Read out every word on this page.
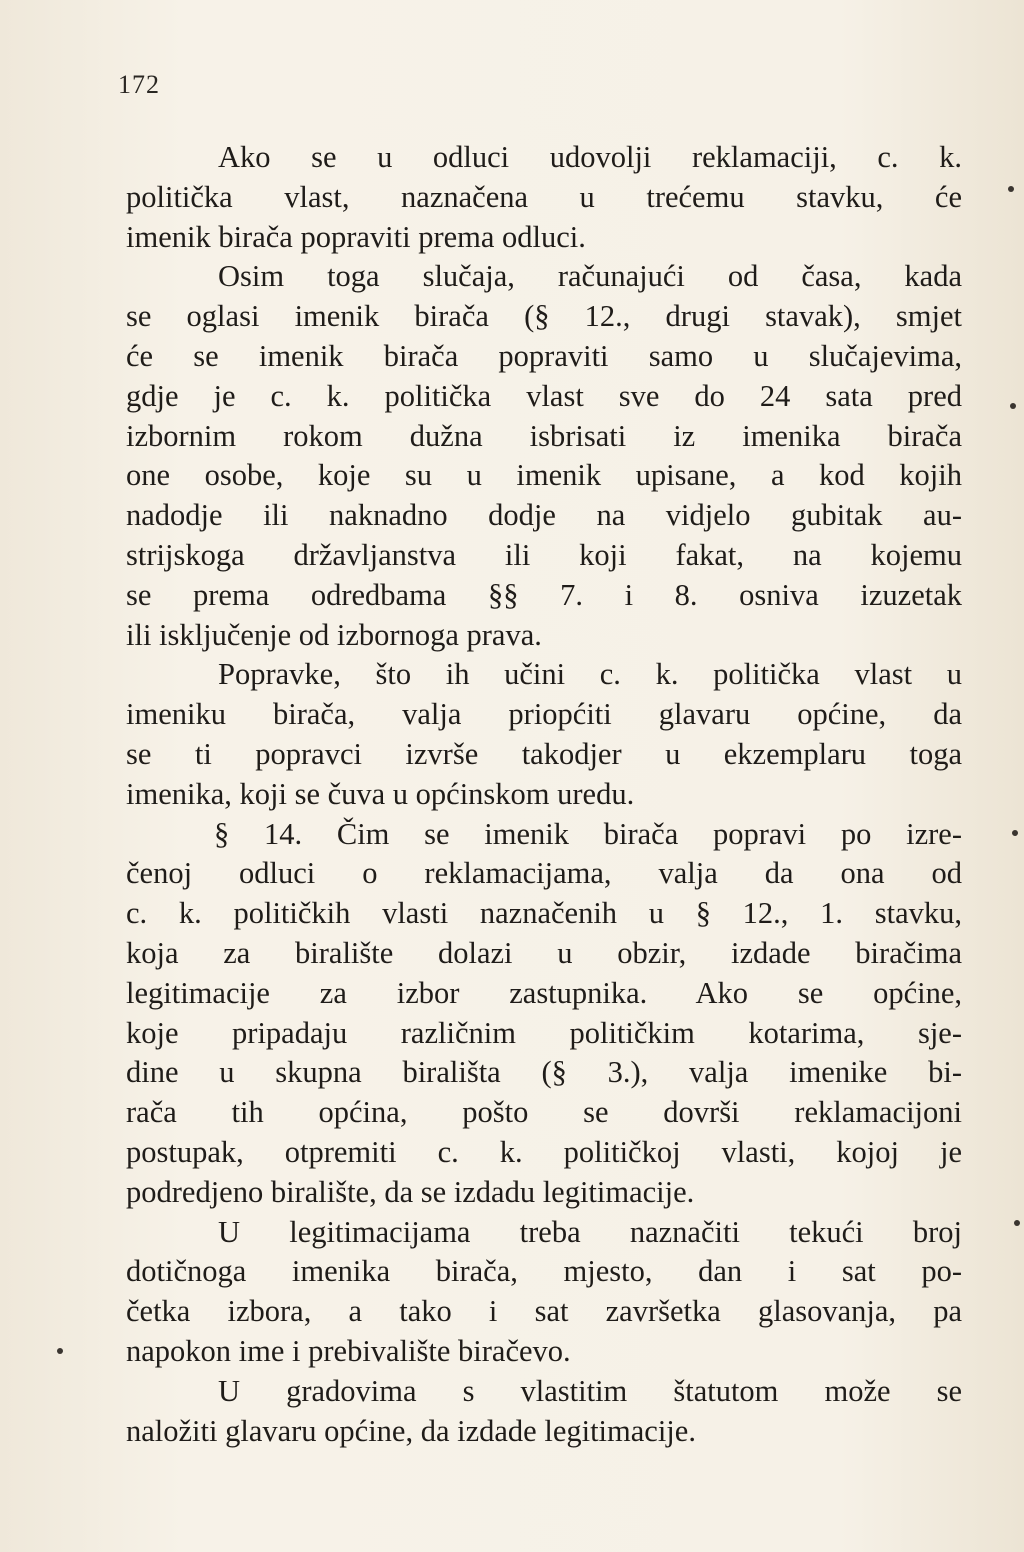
172
Ako se u odluci udovolji reklamaciji, c. k.
politička vlast, naznačena u trećemu stavku, će
imenik birača popraviti prema odluci.
Osim toga slučaja, računajući od časa, kada
se oglasi imenik birača (§ 12., drugi stavak), smjet
će se imenik birača popraviti samo u slučajevima,
gdje je c. k. politička vlast sve do 24 sata pred
izbornim rokom dužna isbrisati iz imenika birača
one osobe, koje su u imenik upisane, a kod kojih
nadodje ili naknadno dodje na vidjelo gubitak au-
strijskoga državljanstva ili koji fakat, na kojemu
se prema odredbama §§ 7. i 8. osniva izuzetak
ili isključenje od izbornoga prava.
Popravke, što ih učini c. k. politička vlast u
imeniku birača, valja priopćiti glavaru općine, da
se ti popravci izvrše takodjer u ekzemplaru toga
imenika, koji se čuva u općinskom uredu.
§ 14. Čim se imenik birača popravi po izre-
čenoj odluci o reklamacijama, valja da ona od
c. k. političkih vlasti naznačenih u § 12., 1. stavku,
koja za biralište dolazi u obzir, izdade biračima
legitimacije za izbor zastupnika. Ako se općine,
koje pripadaju različnim političkim kotarima, sje-
dine u skupna birališta (§ 3.), valja imenike bi-
rača tih općina, pošto se dovrši reklamacijoni
postupak, otpremiti c. k. političkoj vlasti, kojoj je
podredjeno biralište, da se izdadu legitimacije.
U legitimacijama treba naznačiti tekući broj
dotičnoga imenika birača, mjesto, dan i sat po-
četka izbora, a tako i sat završetka glasovanja, pa
napokon ime i prebivalište biračevo.
U gradovima s vlastitim štatutom može se
naložiti glavaru općine, da izdade legitimacije.
